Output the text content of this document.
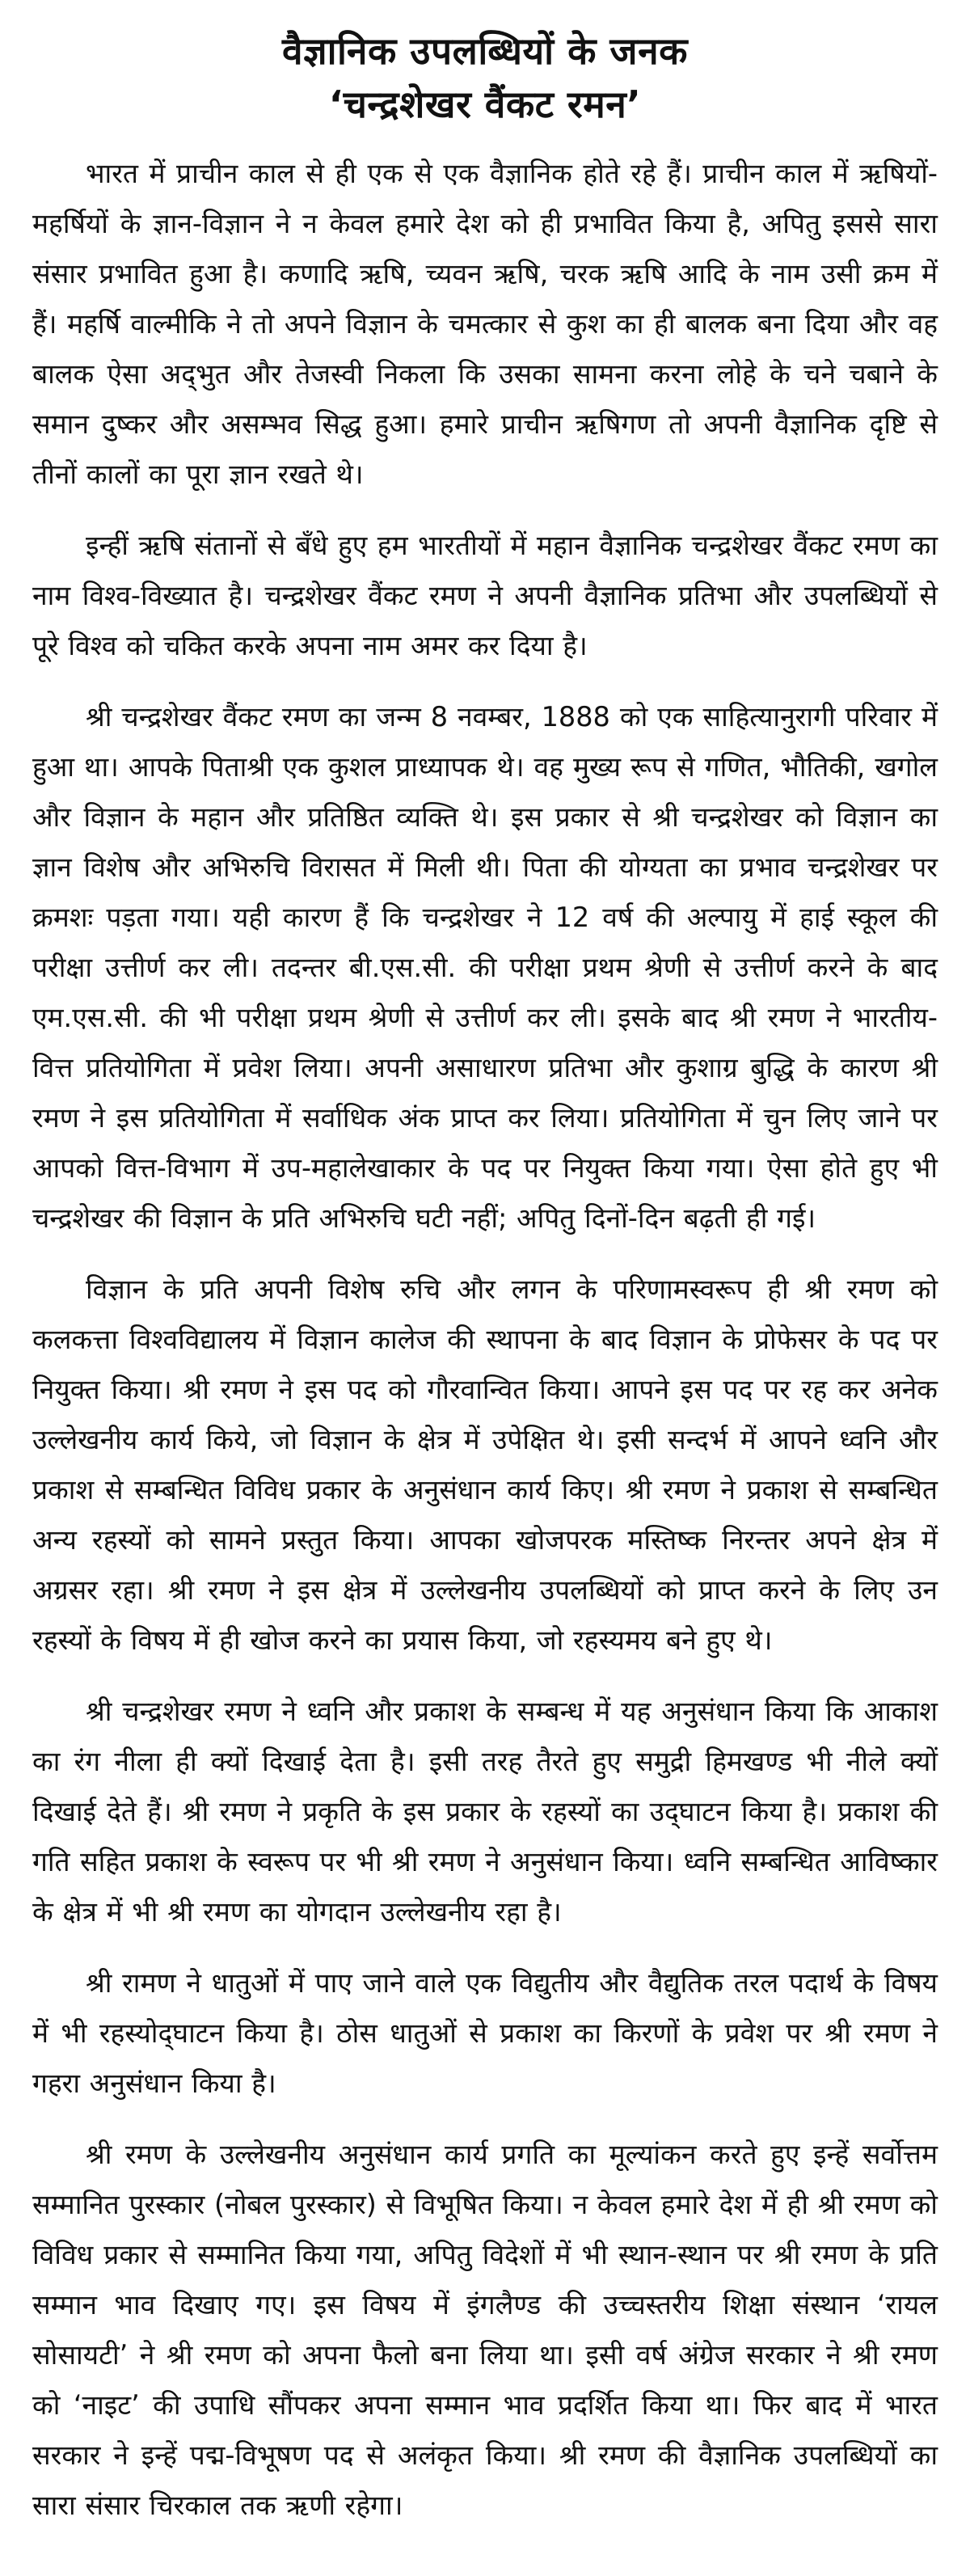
वैज्ञानिक उपलब्धियों के जनक
‘चन्द्रशेखर वैंकट रमन’

भारत में प्राचीन काल से ही एक से एक वैज्ञानिक होते रहे हैं। प्राचीन काल में ऋषियों-महर्षियों के ज्ञान-विज्ञान ने न केवल हमारे देश को ही प्रभावित किया है, अपितु इससे सारा संसार प्रभावित हुआ है। कणादि ऋषि, च्यवन ऋषि, चरक ऋषि आदि के नाम उसी क्रम में हैं। महर्षि वाल्मीकि ने तो अपने विज्ञान के चमत्कार से कुश का ही बालक बना दिया और वह बालक ऐसा अद्‌भुत और तेजस्वी निकला कि उसका सामना करना लोहे के चने चबाने के समान दुष्कर और असम्भव सिद्ध हुआ। हमारे प्राचीन ऋषिगण तो अपनी वैज्ञानिक दृष्टि से तीनों कालों का पूरा ज्ञान रखते थे।

इन्हीं ऋषि संतानों से बँधे हुए हम भारतीयों में महान वैज्ञानिक चन्द्रशेखर वैंकट रमण का नाम विश्व-विख्यात है। चन्द्रशेखर वैंकट रमण ने अपनी वैज्ञानिक प्रतिभा और उपलब्धियों से पूरे विश्व को चकित करके अपना नाम अमर कर दिया है।

श्री चन्द्रशेखर वैंकट रमण का जन्म 8 नवम्बर, 1888 को एक साहित्यानुरागी परिवार में हुआ था। आपके पिताश्री एक कुशल प्राध्यापक थे। वह मुख्य रूप से गणित, भौतिकी, खगोल और विज्ञान के महान और प्रतिष्ठित व्यक्ति थे। इस प्रकार से श्री चन्द्रशेखर को विज्ञान का ज्ञान विशेष और अभिरुचि विरासत में मिली थी। पिता की योग्यता का प्रभाव चन्द्रशेखर पर क्रमशः पड़ता गया। यही कारण हैं कि चन्द्रशेखर ने 12 वर्ष की अल्पायु में हाई स्कूल की परीक्षा उत्तीर्ण कर ली। तदन्तर बी.एस.सी. की परीक्षा प्रथम श्रेणी से उत्तीर्ण करने के बाद एम.एस.सी. की भी परीक्षा प्रथम श्रेणी से उत्तीर्ण कर ली। इसके बाद श्री रमण ने भारतीय-वित्त प्रतियोगिता में प्रवेश लिया। अपनी असाधारण प्रतिभा और कुशाग्र बुद्धि के कारण श्री रमण ने इस प्रतियोगिता में सर्वाधिक अंक प्राप्त कर लिया। प्रतियोगिता में चुन लिए जाने पर आपको वित्त-विभाग में उप-महालेखाकार के पद पर नियुक्त किया गया। ऐसा होते हुए भी चन्द्रशेखर की विज्ञान के प्रति अभिरुचि घटी नहीं; अपितु दिनों-दिन बढ़ती ही गई।

विज्ञान के प्रति अपनी विशेष रुचि और लगन के परिणामस्वरूप ही श्री रमण को कलकत्ता विश्वविद्यालय में विज्ञान कालेज की स्थापना के बाद विज्ञान के प्रोफेसर के पद पर नियुक्त किया। श्री रमण ने इस पद को गौरवान्वित किया। आपने इस पद पर रह कर अनेक उल्लेखनीय कार्य किये, जो विज्ञान के क्षेत्र में उपेक्षित थे। इसी सन्दर्भ में आपने ध्वनि और प्रकाश से सम्बन्धित विविध प्रकार के अनुसंधान कार्य किए। श्री रमण ने प्रकाश से सम्बन्धित अन्य रहस्यों को सामने प्रस्तुत किया। आपका खोजपरक मस्तिष्क निरन्तर अपने क्षेत्र में अग्रसर रहा। श्री रमण ने इस क्षेत्र में उल्लेखनीय उपलब्धियों को प्राप्त करने के लिए उन रहस्यों के विषय में ही खोज करने का प्रयास किया, जो रहस्यमय बने हुए थे।

श्री चन्द्रशेखर रमण ने ध्वनि और प्रकाश के सम्बन्ध में यह अनुसंधान किया कि आकाश का रंग नीला ही क्यों दिखाई देता है। इसी तरह तैरते हुए समुद्री हिमखण्ड भी नीले क्यों दिखाई देते हैं। श्री रमण ने प्रकृति के इस प्रकार के रहस्यों का उद्‌घाटन किया है। प्रकाश की गति सहित प्रकाश के स्वरूप पर भी श्री रमण ने अनुसंधान किया। ध्वनि सम्बन्धित आविष्कार के क्षेत्र में भी श्री रमण का योगदान उल्लेखनीय रहा है।

श्री रामण ने धातुओं में पाए जाने वाले एक विद्युतीय और वैद्युतिक तरल पदार्थ के विषय में भी रहस्योद्‌घाटन किया है। ठोस धातुओं से प्रकाश का किरणों के प्रवेश पर श्री रमण ने गहरा अनुसंधान किया है।

श्री रमण के उल्लेखनीय अनुसंधान कार्य प्रगति का मूल्यांकन करते हुए इन्हें सर्वोत्तम सम्मानित पुरस्कार (नोबल पुरस्कार) से विभूषित किया। न केवल हमारे देश में ही श्री रमण को विविध प्रकार से सम्मानित किया गया, अपितु विदेशों में भी स्थान-स्थान पर श्री रमण के प्रति सम्मान भाव दिखाए गए। इस विषय में इंगलैण्ड की उच्चस्तरीय शिक्षा संस्थान ‘रायल सोसायटी’ ने श्री रमण को अपना फैलो बना लिया था। इसी वर्ष अंग्रेज सरकार ने श्री रमण को ‘नाइट’ की उपाधि सौंपकर अपना सम्मान भाव प्रदर्शित किया था। फिर बाद में भारत सरकार ने इन्हें पद्म-विभूषण पद से अलंकृत किया। श्री रमण की वैज्ञानिक उपलब्धियों का सारा संसार चिरकाल तक ऋणी रहेगा।
